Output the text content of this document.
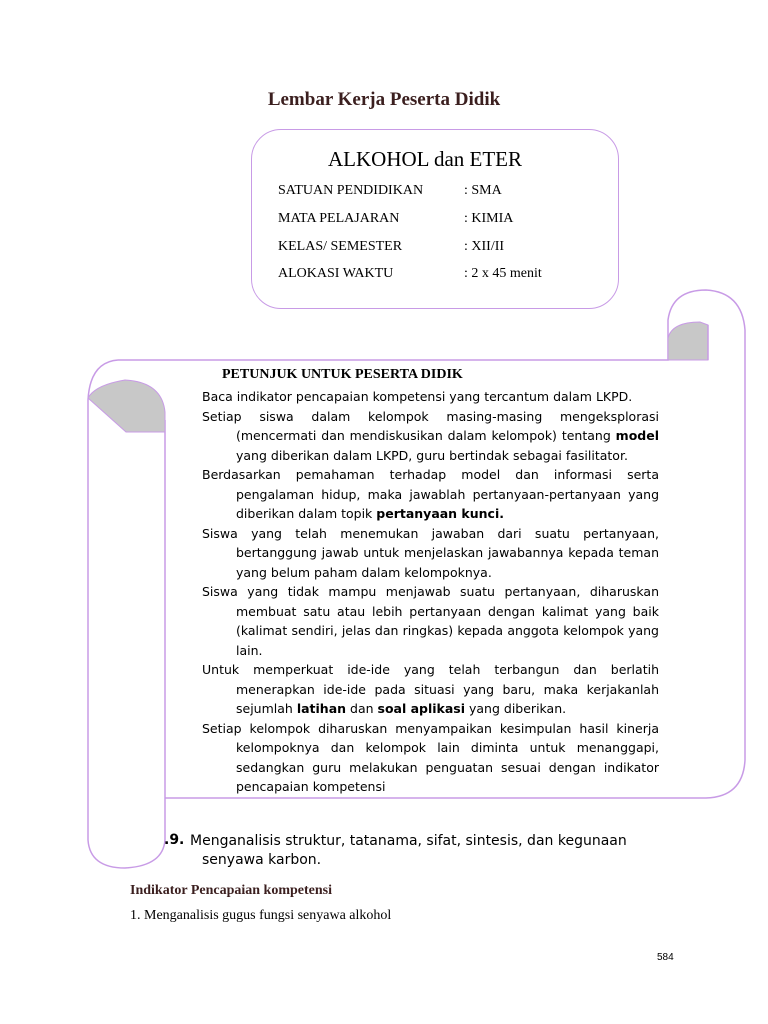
Lembar Kerja Peserta Didik
ALKOHOL dan ETER
SATUAN PENDIDIKAN	: SMA
MATA PELAJARAN	: KIMIA
KELAS/ SEMESTER	: XII/II
ALOKASI WAKTU	: 2 x 45 menit
PETUNJUK UNTUK PESERTA DIDIK

Baca indikator pencapaian kompetensi yang tercantum dalam LKPD.

Setiap siswa dalam kelompok masing-masing mengeksplorasi (mencermati dan mendiskusikan dalam kelompok) tentang model yang diberikan dalam LKPD, guru bertindak sebagai fasilitator.

Berdasarkan pemahaman terhadap model dan informasi serta pengalaman hidup, maka jawablah pertanyaan-pertanyaan yang diberikan dalam topik pertanyaan kunci.

Siswa yang telah menemukan jawaban dari suatu pertanyaan, bertanggung jawab untuk menjelaskan jawabannya kepada teman yang belum paham dalam kelompoknya.

Siswa yang tidak mampu menjawab suatu pertanyaan, diharuskan membuat satu atau lebih pertanyaan dengan kalimat yang baik (kalimat sendiri, jelas dan ringkas) kepada anggota kelompok yang lain.

Untuk memperkuat ide-ide yang telah terbangun dan berlatih menerapkan ide-ide pada situasi yang baru, maka kerjakanlah sejumlah latihan dan soal aplikasi yang diberikan.

Setiap kelompok diharuskan menyampaikan kesimpulan hasil kinerja kelompoknya dan kelompok lain diminta untuk menanggapi, sedangkan guru melakukan penguatan sesuai dengan indikator pencapaian kompetensi

.9. Menganalisis struktur, tatanama, sifat, sintesis, dan kegunaan senyawa karbon.
Indikator Pencapaian kompetensi
1. Menganalisis gugus fungsi senyawa alkohol
584
